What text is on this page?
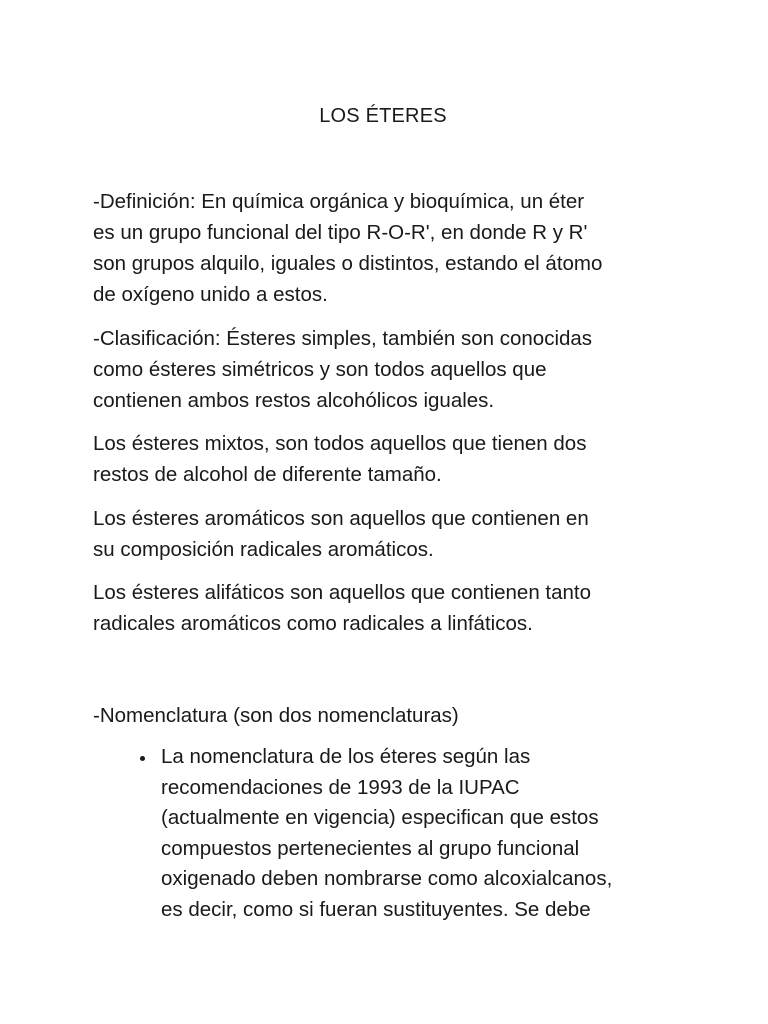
LOS ÉTERES

-Definición: En química orgánica y bioquímica, un éter
es un grupo funcional del tipo R-O-R', en donde R y R'
son grupos alquilo, iguales o distintos, estando el átomo
de oxígeno unido a estos.

-Clasificación: Ésteres simples, también son conocidas
como ésteres simétricos y son todos aquellos que
contienen ambos restos alcohólicos iguales.

Los ésteres mixtos, son todos aquellos que tienen dos
restos de alcohol de diferente tamaño.

Los ésteres aromáticos son aquellos que contienen en
su composición radicales aromáticos.

Los ésteres alifáticos son aquellos que contienen tanto
radicales aromáticos como radicales a linfáticos.

-Nomenclatura (son dos nomenclaturas)

La nomenclatura de los éteres según las
recomendaciones de 1993 de la IUPAC
(actualmente en vigencia) especifican que estos
compuestos pertenecientes al grupo funcional
oxigenado deben nombrarse como alcoxialcanos,
es decir, como si fueran sustituyentes. Se debe
